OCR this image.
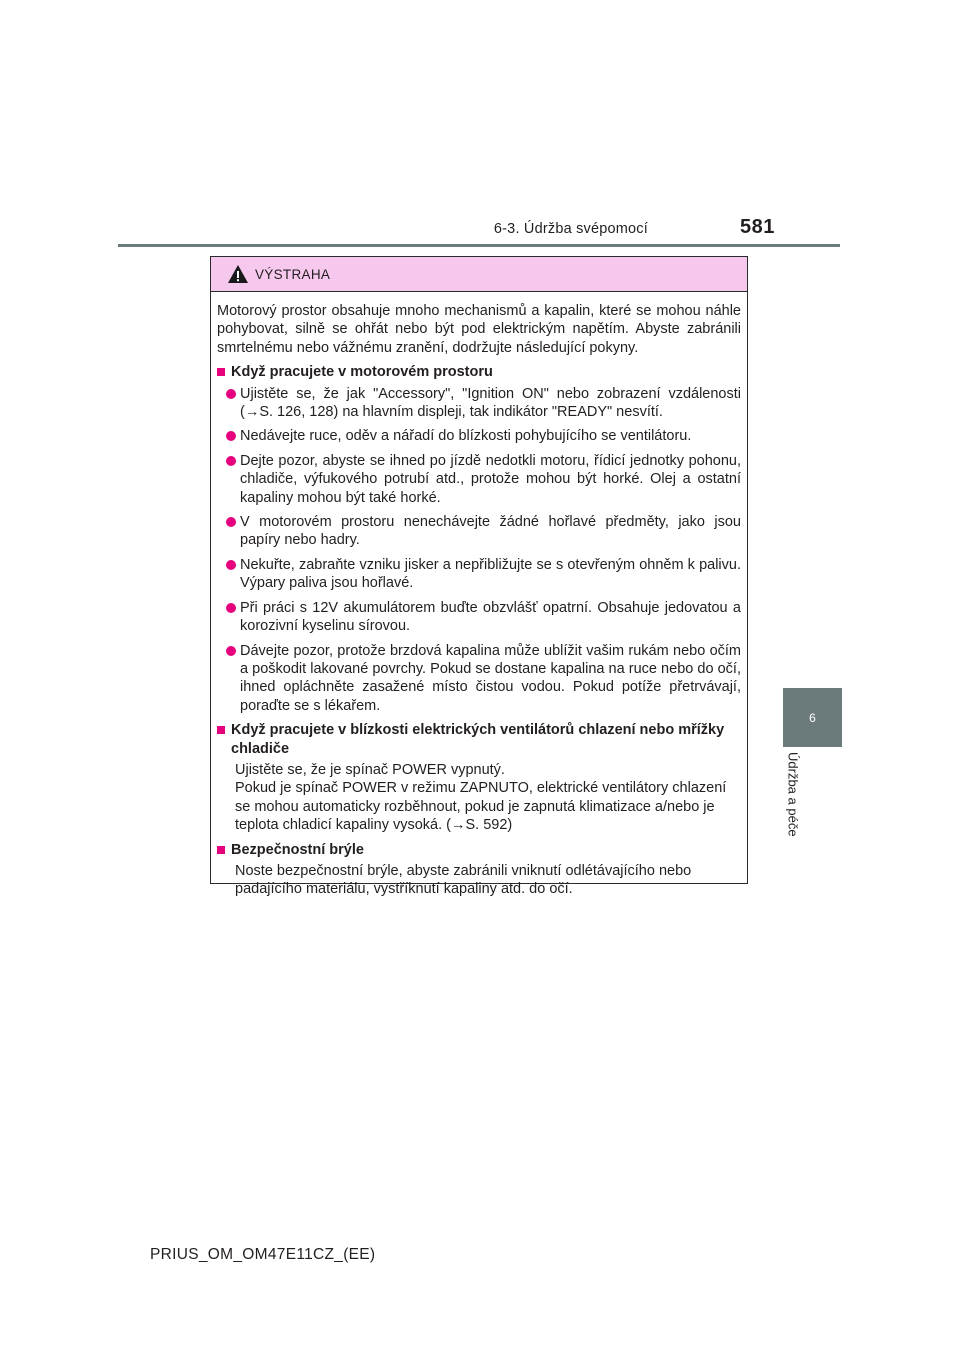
6-3. Údržba svépomocí	581
6
Údržba a péče
VÝSTRAHA

Motorový prostor obsahuje mnoho mechanismů a kapalin, které se mohou náhle pohybovat, silně se ohřát nebo být pod elektrickým napětím. Abyste zabránili smrtelnému nebo vážnému zranění, dodržujte následující pokyny.

Když pracujete v motorovém prostoru
Ujistěte se, že jak "Accessory", "Ignition ON" nebo zobrazení vzdálenosti (→S. 126, 128) na hlavním displeji, tak indikátor "READY" nesvítí.
Nedávejte ruce, oděv a nářadí do blízkosti pohybujícího se ventilátoru.
Dejte pozor, abyste se ihned po jízdě nedotkli motoru, řídicí jednotky pohonu, chladiče, výfukového potrubí atd., protože mohou být horké. Olej a ostatní kapaliny mohou být také horké.
V motorovém prostoru nenechávejte žádné hořlavé předměty, jako jsou papíry nebo hadry.
Nekuřte, zabraňte vzniku jisker a nepřibližujte se s otevřeným ohněm k palivu. Výpary paliva jsou hořlavé.
Při práci s 12V akumulátorem buďte obzvlášť opatrní. Obsahuje jedovatou a korozivní kyselinu sírovou.
Dávejte pozor, protože brzdová kapalina může ublížit vašim rukám nebo očím a poškodit lakované povrchy. Pokud se dostane kapalina na ruce nebo do očí, ihned opláchněte zasažené místo čistou vodou. Pokud potíže přetrvávají, poraďte se s lékařem.
Když pracujete v blízkosti elektrických ventilátorů chlazení nebo mřížky chladiče

Ujistěte se, že je spínač POWER vypnutý.
Pokud je spínač POWER v režimu ZAPNUTO, elektrické ventilátory chlazení se mohou automaticky rozběhnout, pokud je zapnutá klimatizace a/nebo je teplota chladicí kapaliny vysoká. (→S. 592)

Bezpečnostní brýle

Noste bezpečnostní brýle, abyste zabránili vniknutí odlétávajícího nebo padajícího materiálu, vystříknutí kapaliny atd. do očí.

PRIUS_OM_OM47E11CZ_(EE)
